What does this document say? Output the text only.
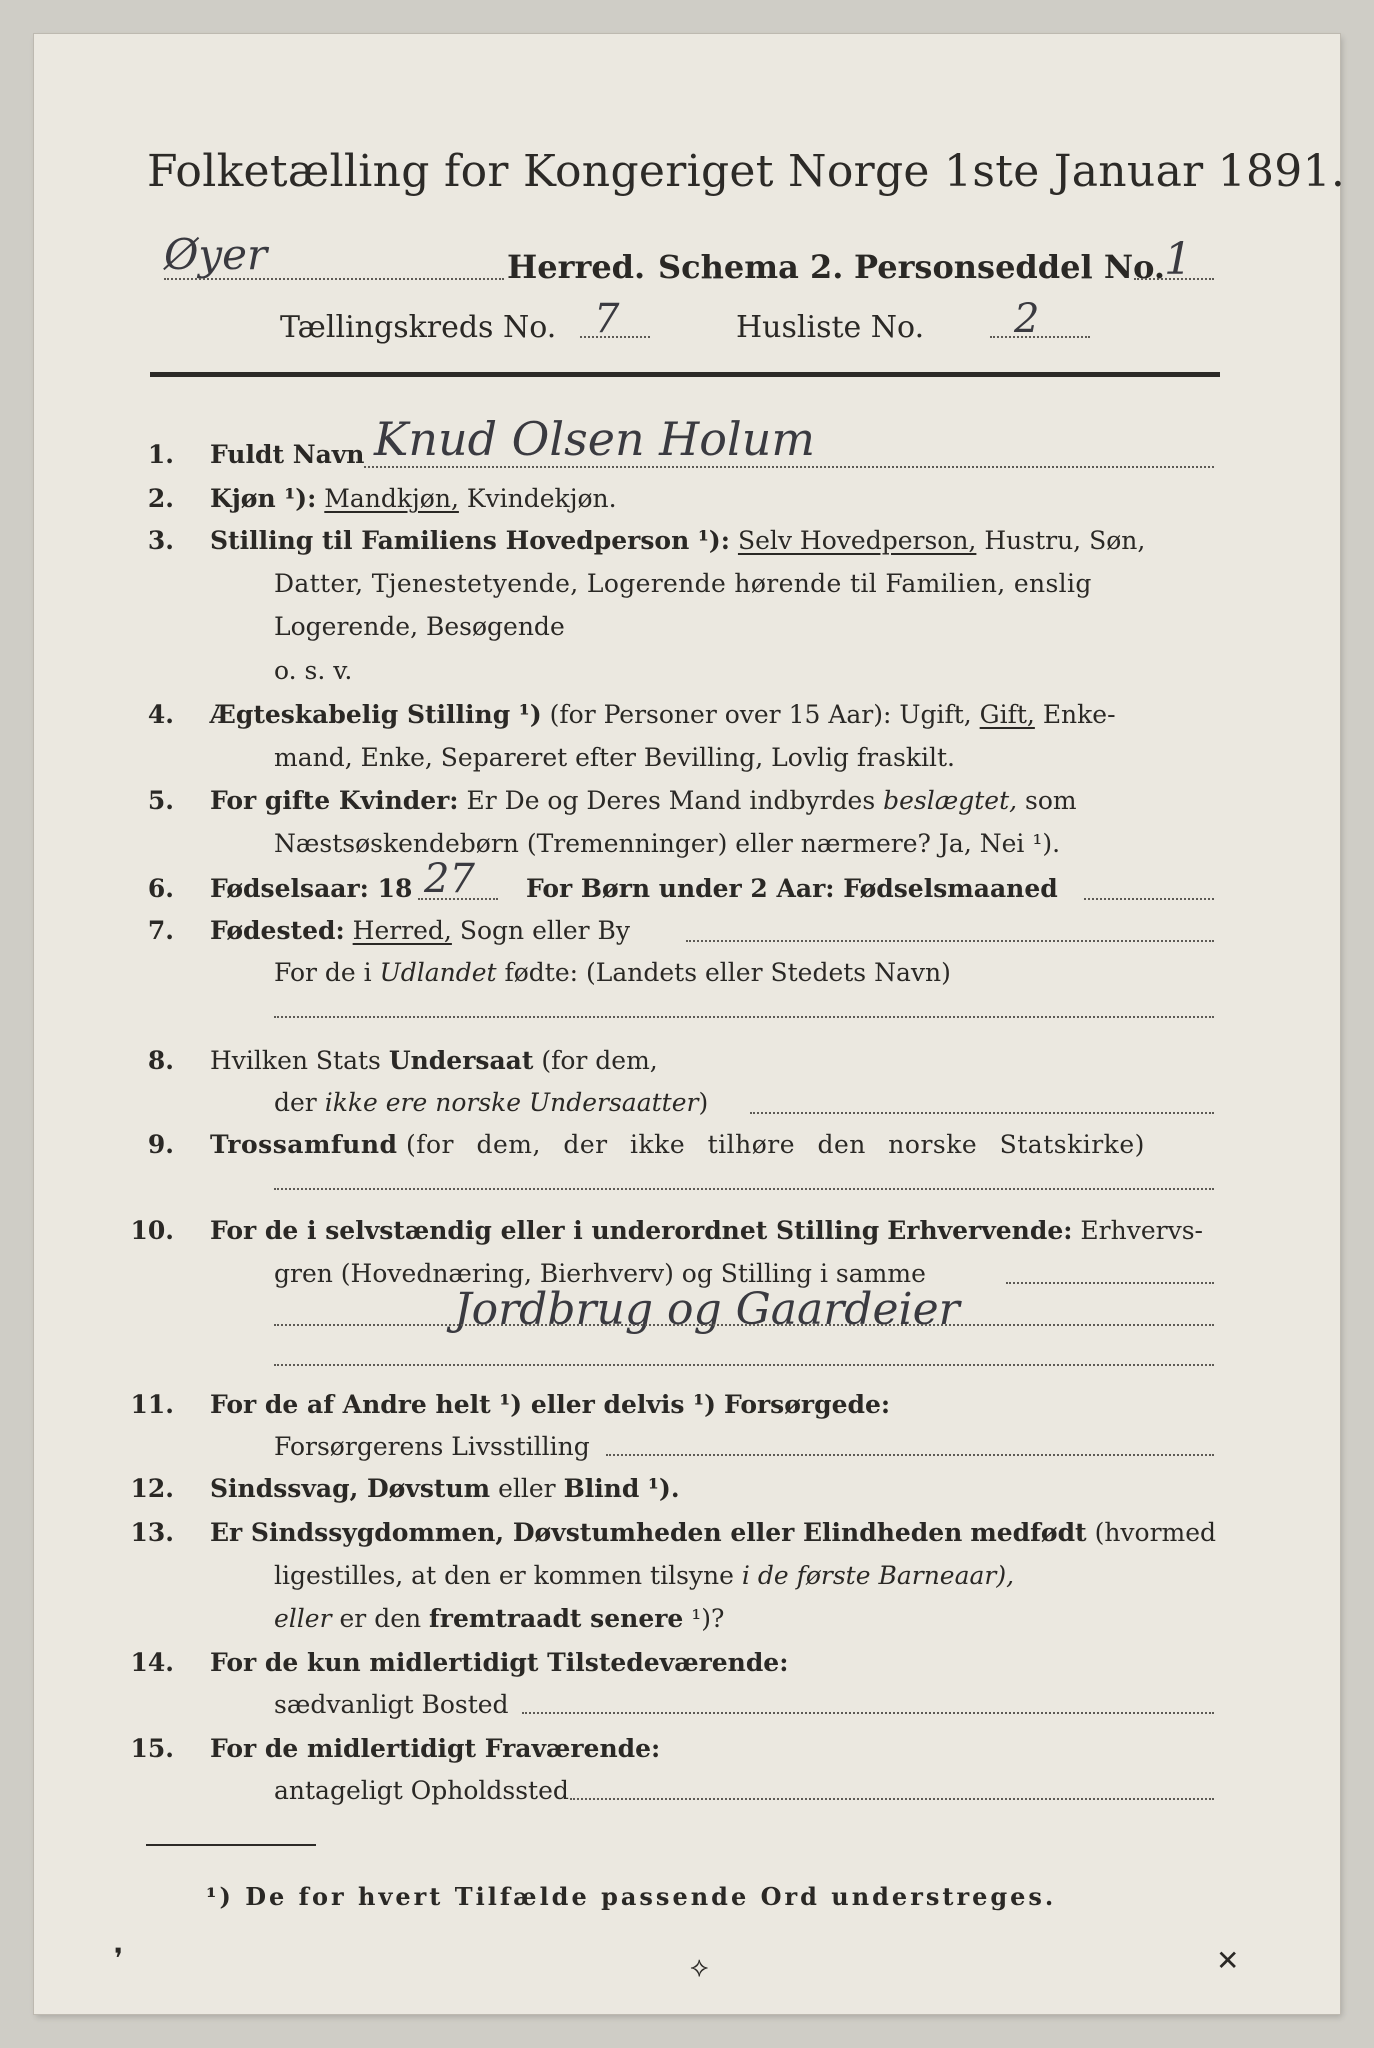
Folketælling for Kongeriget Norge 1ste Januar 1891.
Øyer	Herred. Schema 2. Personseddel No. 1
Tællingskreds No. 7	Husliste No. 2
1. Fuldt Navn Knud Olsen Holum
2. Kjøn ¹): Mandkjøn, Kvindekjøn.
3. Stilling til Familiens Hovedperson ¹): Selv Hovedperson, Hustru, Søn,
Datter, Tjenestetyende, Logerende hørende til Familien, enslig
Logerende, Besøgende
o. s. v.
4. Ægteskabelig Stilling ¹) (for Personer over 15 Aar): Ugift, Gift, Enke-
mand, Enke, Separeret efter Bevilling, Lovlig fraskilt.
5. For gifte Kvinder: Er De og Deres Mand indbyrdes beslægtet, som
Næstsøskendebørn (Tremenninger) eller nærmere? Ja, Nei ¹).
6. Fødselsaar: 18 27 For Børn under 2 Aar: Fødselsmaaned
7. Fødested: Herred, Sogn eller By
For de i Udlandet fødte: (Landets eller Stedets Navn)
8. Hvilken Stats Undersaat (for dem,
der ikke ere norske Undersaatter)
9. Trossamfund (for dem, der ikke tilhøre den norske Statskirke)
10. For de i selvstændig eller i underordnet Stilling Erhvervende: Erhvervs-
gren (Hovednæring, Bierhverv) og Stilling i samme
Jordbrug og Gaardeier
11. For de af Andre helt ¹) eller delvis ¹) Forsørgede:
Forsørgerens Livsstilling
12. Sindssvag, Døvstum eller Blind ¹).
13. Er Sindssygdommen, Døvstumheden eller Elindheden medfødt (hvormed
ligestilles, at den er kommen tilsyne i de første Barneaar),
eller er den fremtraadt senere ¹)?
14. For de kun midlertidigt Tilstedeværende:
sædvanligt Bosted
15. For de midlertidigt Fraværende:
antageligt Opholdssted
¹) De for hvert Tilfælde passende Ord understreges.
❜	⟡	✕
